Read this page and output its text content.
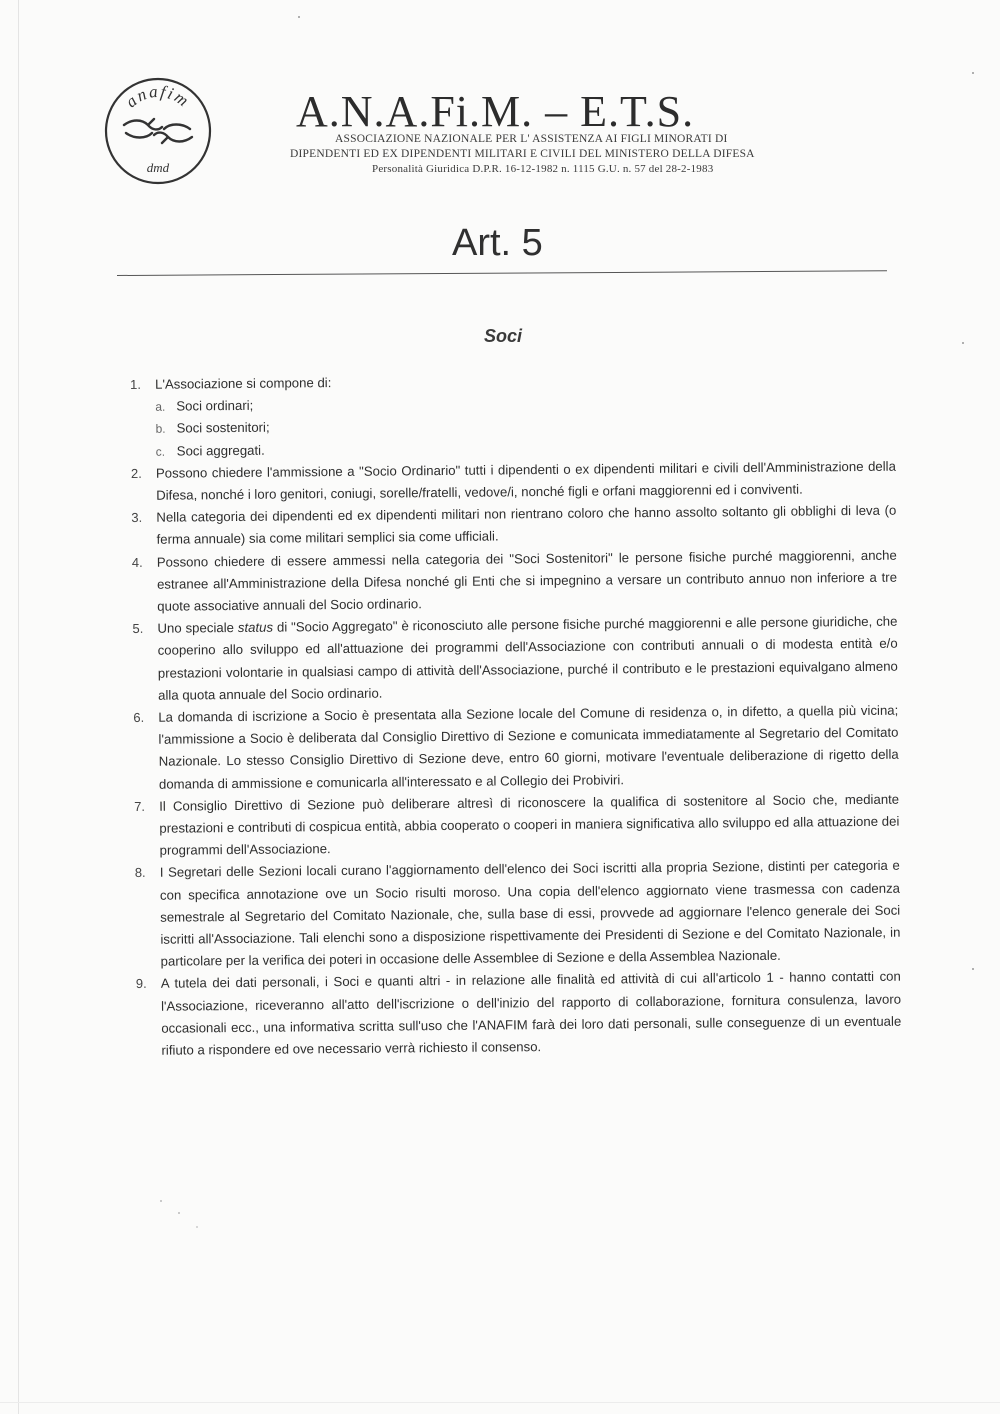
anafim
dmd
A.N.A.Fi.M. – E.T.S.
ASSOCIAZIONE NAZIONALE PER L' ASSISTENZA AI FIGLI MINORATI DI
DIPENDENTI ED EX DIPENDENTI MILITARI E CIVILI DEL MINISTERO DELLA DIFESA
Personalità Giuridica D.P.R. 16-12-1982 n. 1115 G.U. n. 57 del 28-2-1983
Art. 5
Soci
1.	L'Associazione si compone di:
a. Soci ordinari;
b. Soci sostenitori;
c. Soci aggregati.
2.	Possono chiedere l'ammissione a "Socio Ordinario" tutti i dipendenti o ex dipendenti militari e civili dell'Amministrazione della Difesa, nonché i loro genitori, coniugi, sorelle/fratelli, vedove/i, nonché figli e orfani maggiorenni ed i conviventi.
3.	Nella categoria dei dipendenti ed ex dipendenti militari non rientrano coloro che hanno assolto soltanto gli obblighi di leva (o ferma annuale) sia come militari semplici sia come ufficiali.
4.	Possono chiedere di essere ammessi nella categoria dei "Soci Sostenitori" le persone fisiche purché maggiorenni, anche estranee all'Amministrazione della Difesa nonché gli Enti che si impegnino a versare un contributo annuo non inferiore a tre quote associative annuali del Socio ordinario.
5.	Uno speciale status di "Socio Aggregato" è riconosciuto alle persone fisiche purché maggiorenni e alle persone giuridiche, che cooperino allo sviluppo ed all'attuazione dei programmi dell'Associazione con contributi annuali o di modesta entità e/o prestazioni volontarie in qualsiasi campo di attività dell'Associazione, purché il contributo e le prestazioni equivalgano almeno alla quota annuale del Socio ordinario.
6.	La domanda di iscrizione a Socio è presentata alla Sezione locale del Comune di residenza o, in difetto, a quella più vicina; l'ammissione a Socio è deliberata dal Consiglio Direttivo di Sezione e comunicata immediatamente al Segretario del Comitato Nazionale. Lo stesso Consiglio Direttivo di Sezione deve, entro 60 giorni, motivare l'eventuale deliberazione di rigetto della domanda di ammissione e comunicarla all'interessato e al Collegio dei Probiviri.
7.	Il Consiglio Direttivo di Sezione può deliberare altresì di riconoscere la qualifica di sostenitore al Socio che, mediante prestazioni e contributi di cospicua entità, abbia cooperato o cooperi in maniera significativa allo sviluppo ed alla attuazione dei programmi dell'Associazione.
8.	I Segretari delle Sezioni locali curano l'aggiornamento dell'elenco dei Soci iscritti alla propria Sezione, distinti per categoria e con specifica annotazione ove un Socio risulti moroso. Una copia dell'elenco aggiornato viene trasmessa con cadenza semestrale al Segretario del Comitato Nazionale, che, sulla base di essi, provvede ad aggiornare l'elenco generale dei Soci iscritti all'Associazione. Tali elenchi sono a disposizione rispettivamente dei Presidenti di Sezione e del Comitato Nazionale, in particolare per la verifica dei poteri in occasione delle Assemblee di Sezione e della Assemblea Nazionale.
9.	A tutela dei dati personali, i Soci e quanti altri - in relazione alle finalità ed attività di cui all'articolo 1 - hanno contatti con l'Associazione, riceveranno all'atto dell'iscrizione o dell'inizio del rapporto di collaborazione, fornitura consulenza, lavoro occasionali ecc., una informativa scritta sull'uso che l'ANAFIM farà dei loro dati personali, sulle conseguenze di un eventuale rifiuto a rispondere ed ove necessario verrà richiesto il consenso.
